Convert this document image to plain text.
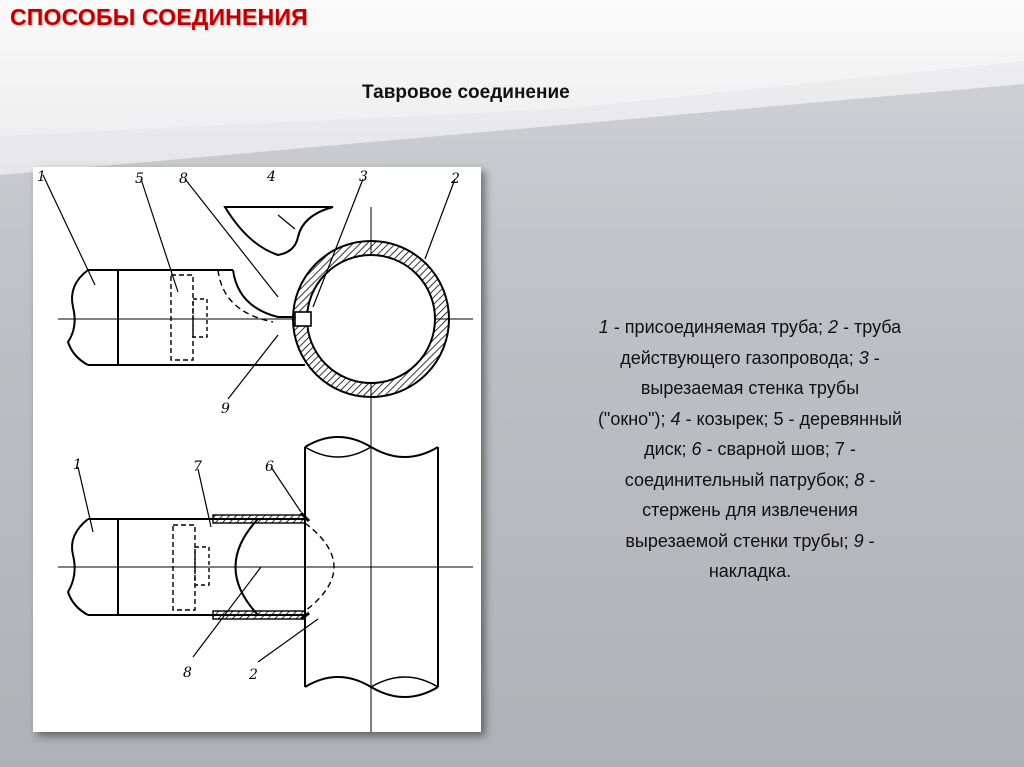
СПОСОБЫ СОЕДИНЕНИЯ
Тавровое соединение
1	5	8	4	3	2
9
1	7	6
8	2
1 - присоединяемая труба; 2 - труба
действующего газопровода; 3 -
вырезаемая стенка трубы
("окно"); 4 - козырек; 5 - деревянный
диск; 6 - сварной шов; 7 -
соединительный патрубок; 8 -
стержень для извлечения
вырезаемой стенки трубы; 9 -
накладка.
